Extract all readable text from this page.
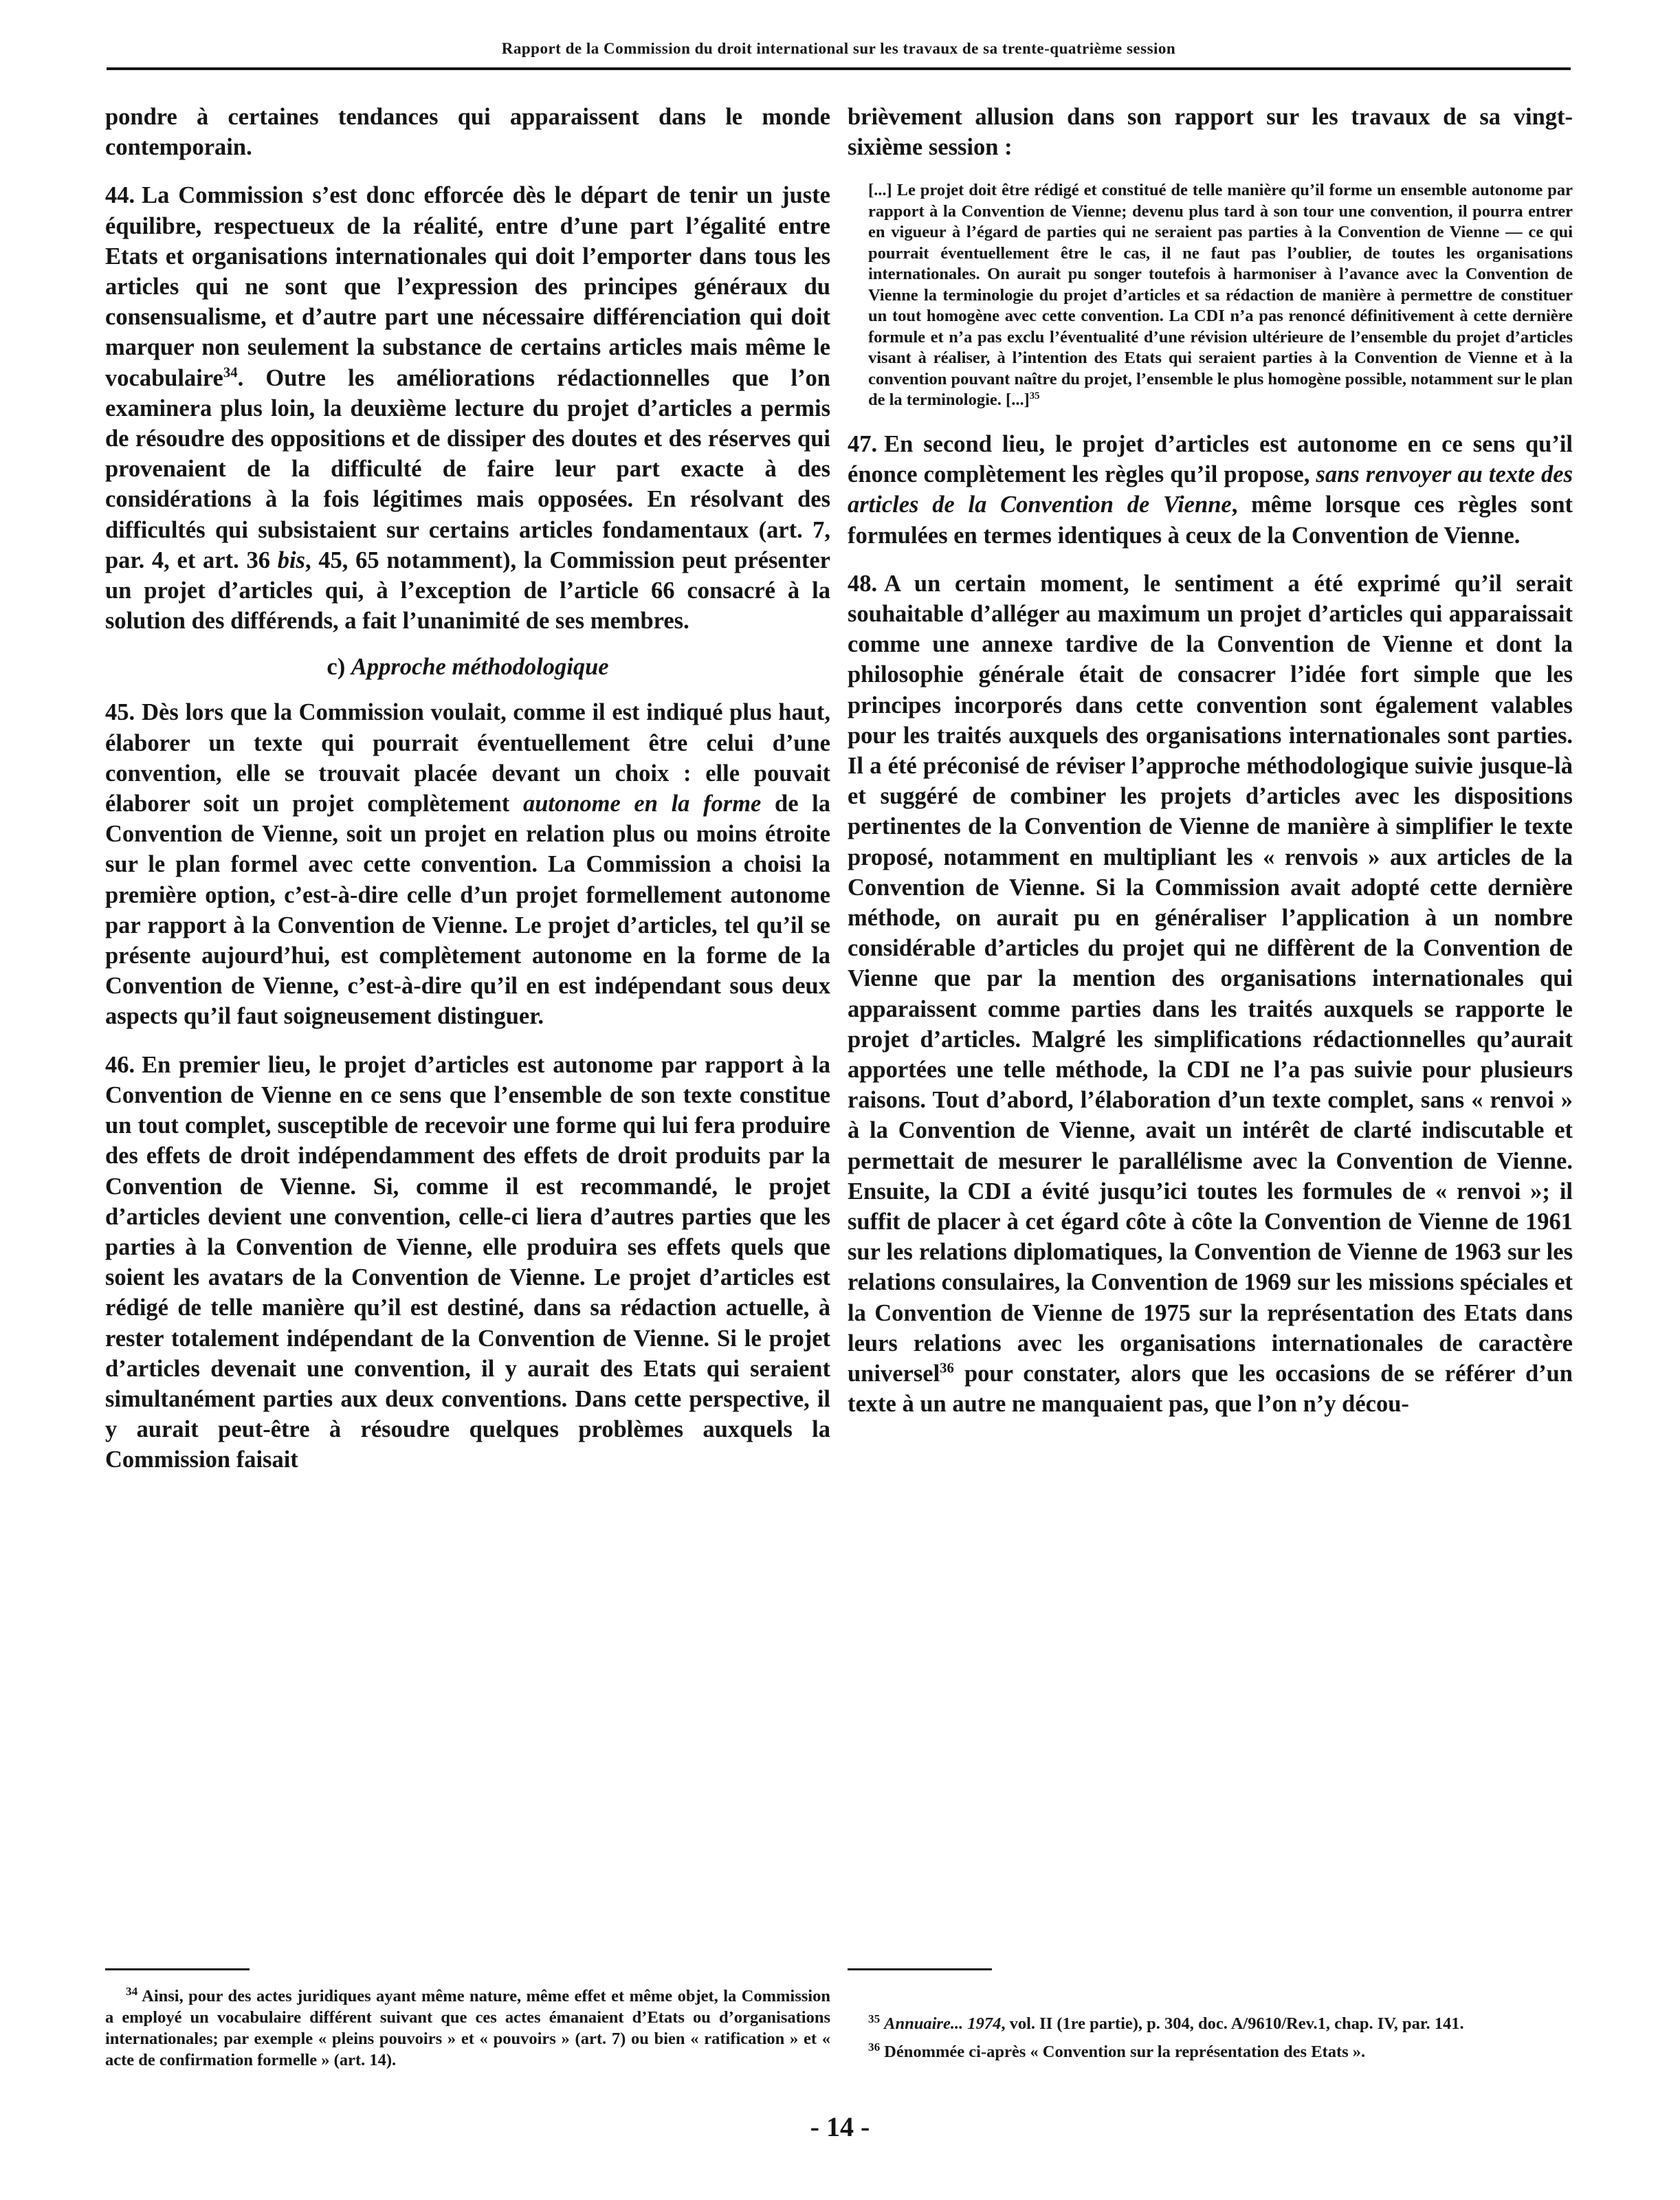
Rapport de la Commission du droit international sur les travaux de sa trente-quatrième session

pondre à certaines tendances qui apparaissent dans le monde contemporain.

44. La Commission s’est donc efforcée dès le départ de tenir un juste équilibre, respectueux de la réalité, entre d’une part l’égalité entre Etats et organisations internationales qui doit l’emporter dans tous les articles qui ne sont que l’expression des principes généraux du consensualisme, et d’autre part une nécessaire différenciation qui doit marquer non seulement la substance de certains articles mais même le vocabulaire$^{34}$. Outre les améliorations rédactionnelles que l’on examinera plus loin, la deuxième lecture du projet d’articles a permis de résoudre des oppositions et de dissiper des doutes et des réserves qui provenaient de la difficulté de faire leur part exacte à des considérations à la fois légitimes mais opposées. En résolvant des difficultés qui subsistaient sur certains articles fondamentaux (art. 7, par. 4, et art. 36 bis, 45, 65 notamment), la Commission peut présenter un projet d’articles qui, à l’exception de l’article 66 consacré à la solution des différends, a fait l’unanimité de ses membres.

c) Approche méthodologique

45. Dès lors que la Commission voulait, comme il est indiqué plus haut, élaborer un texte qui pourrait éventuellement être celui d’une convention, elle se trouvait placée devant un choix : elle pouvait élaborer soit un projet complètement autonome en la forme de la Convention de Vienne, soit un projet en relation plus ou moins étroite sur le plan formel avec cette convention. La Commission a choisi la première option, c’est-à-dire celle d’un projet formellement autonome par rapport à la Convention de Vienne. Le projet d’articles, tel qu’il se présente aujourd’hui, est complètement autonome en la forme de la Convention de Vienne, c’est-à-dire qu’il en est indépendant sous deux aspects qu’il faut soigneusement distinguer.

46. En premier lieu, le projet d’articles est autonome par rapport à la Convention de Vienne en ce sens que l’ensemble de son texte constitue un tout complet, susceptible de recevoir une forme qui lui fera produire des effets de droit indépendamment des effets de droit produits par la Convention de Vienne. Si, comme il est recommandé, le projet d’articles devient une convention, celle-ci liera d’autres parties que les parties à la Convention de Vienne, elle produira ses effets quels que soient les avatars de la Convention de Vienne. Le projet d’articles est rédigé de telle manière qu’il est destiné, dans sa rédaction actuelle, à rester totalement indépendant de la Convention de Vienne. Si le projet d’articles devenait une convention, il y aurait des Etats qui seraient simultanément parties aux deux conventions. Dans cette perspective, il y aurait peut-être à résoudre quelques problèmes auxquels la Commission faisait

brièvement allusion dans son rapport sur les travaux de sa vingt-sixième session :

[...] Le projet doit être rédigé et constitué de telle manière qu’il forme un ensemble autonome par rapport à la Convention de Vienne; devenu plus tard à son tour une convention, il pourra entrer en vigueur à l’égard de parties qui ne seraient pas parties à la Convention de Vienne — ce qui pourrait éventuellement être le cas, il ne faut pas l’oublier, de toutes les organisations internationales. On aurait pu songer toutefois à harmoniser à l’avance avec la Convention de Vienne la terminologie du projet d’articles et sa rédaction de manière à permettre de constituer un tout homogène avec cette convention. La CDI n’a pas renoncé définitivement à cette dernière formule et n’a pas exclu l’éventualité d’une révision ultérieure de l’ensemble du projet d’articles visant à réaliser, à l’intention des Etats qui seraient parties à la Convention de Vienne et à la convention pouvant naître du projet, l’ensemble le plus homogène possible, notamment sur le plan de la terminologie. [...]$^{35}$

47. En second lieu, le projet d’articles est autonome en ce sens qu’il énonce complètement les règles qu’il propose, sans renvoyer au texte des articles de la Convention de Vienne, même lorsque ces règles sont formulées en termes identiques à ceux de la Convention de Vienne.

48. A un certain moment, le sentiment a été exprimé qu’il serait souhaitable d’alléger au maximum un projet d’articles qui apparaissait comme une annexe tardive de la Convention de Vienne et dont la philosophie générale était de consacrer l’idée fort simple que les principes incorporés dans cette convention sont également valables pour les traités auxquels des organisations internationales sont parties. Il a été préconisé de réviser l’approche méthodologique suivie jusque-là et suggéré de combiner les projets d’articles avec les dispositions pertinentes de la Convention de Vienne de manière à simplifier le texte proposé, notamment en multipliant les « renvois » aux articles de la Convention de Vienne. Si la Commission avait adopté cette dernière méthode, on aurait pu en généraliser l’application à un nombre considérable d’articles du projet qui ne diffèrent de la Convention de Vienne que par la mention des organisations internationales qui apparaissent comme parties dans les traités auxquels se rapporte le projet d’articles. Malgré les simplifications rédactionnelles qu’aurait apportées une telle méthode, la CDI ne l’a pas suivie pour plusieurs raisons. Tout d’abord, l’élaboration d’un texte complet, sans « renvoi » à la Convention de Vienne, avait un intérêt de clarté indiscutable et permettait de mesurer le parallélisme avec la Convention de Vienne. Ensuite, la CDI a évité jusqu’ici toutes les formules de « renvoi »; il suffit de placer à cet égard côte à côte la Convention de Vienne de 1961 sur les relations diplomatiques, la Convention de Vienne de 1963 sur les relations consulaires, la Convention de 1969 sur les missions spéciales et la Convention de Vienne de 1975 sur la représentation des Etats dans leurs relations avec les organisations internationales de caractère universel$^{36}$ pour constater, alors que les occasions de se référer d’un texte à un autre ne manquaient pas, que l’on n’y décou-

$^{34}$ Ainsi, pour des actes juridiques ayant même nature, même effet et même objet, la Commission a employé un vocabulaire différent suivant que ces actes émanaient d’Etats ou d’organisations internationales; par exemple « pleins pouvoirs » et « pouvoirs » (art. 7) ou bien « ratification » et « acte de confirmation formelle » (art. 14).

$^{35}$ Annuaire... 1974, vol. II (1re partie), p. 304, doc. A/9610/Rev.1, chap. IV, par. 141.

$^{36}$ Dénommée ci-après « Convention sur la représentation des Etats ».

- 14 -
